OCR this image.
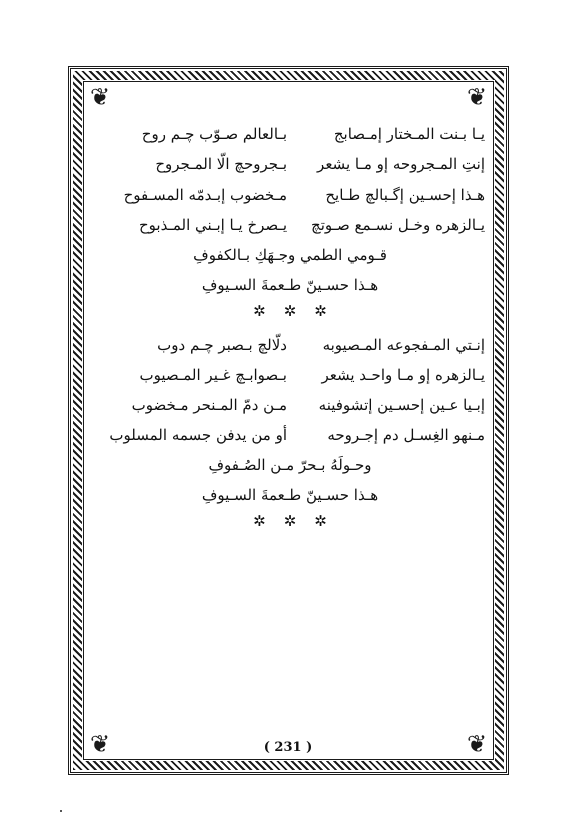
❦	❦
❦	❦
يـا بـنت المـختار إمـصابج
بـالعالم صـوّب چـم روح
إنتِ المـجروحه إو مـا يشعر
بـجروحچ الّا المـجروح
هـذا إحسـين إگـبالچ طـايح
مـخضوب إبـدمّه المسـفوح
يـالزهره وخـل نسـمع صـوتچ
يـصرخ يـا إبـني المـذبوح
قـومي الطمي وجـهَكِ بـالكفوفِ
هـذا حسـينّ طـعمةَ السـيوفِ
✲✲✲
إنـتي المـفجوعه المـصيوبه
دلّالچ بـصبر چـم دوب
يـالزهره إو مـا واحـد يشعر
بـصوابـچ غـير المـصيوب
إبـيا عـين إحسـين إتشوفينه
مـن دمّ المـنحر مـخضوب
مـنهو الغِسـل دم إجـروحه
أو من يدفن جسمه المسلوب
وحـولَهُ بـحرّ مـن الصُـفوفِ
هـذا حسـينّ طـعمةَ السـيوفِ
✲✲✲
( 231 )
